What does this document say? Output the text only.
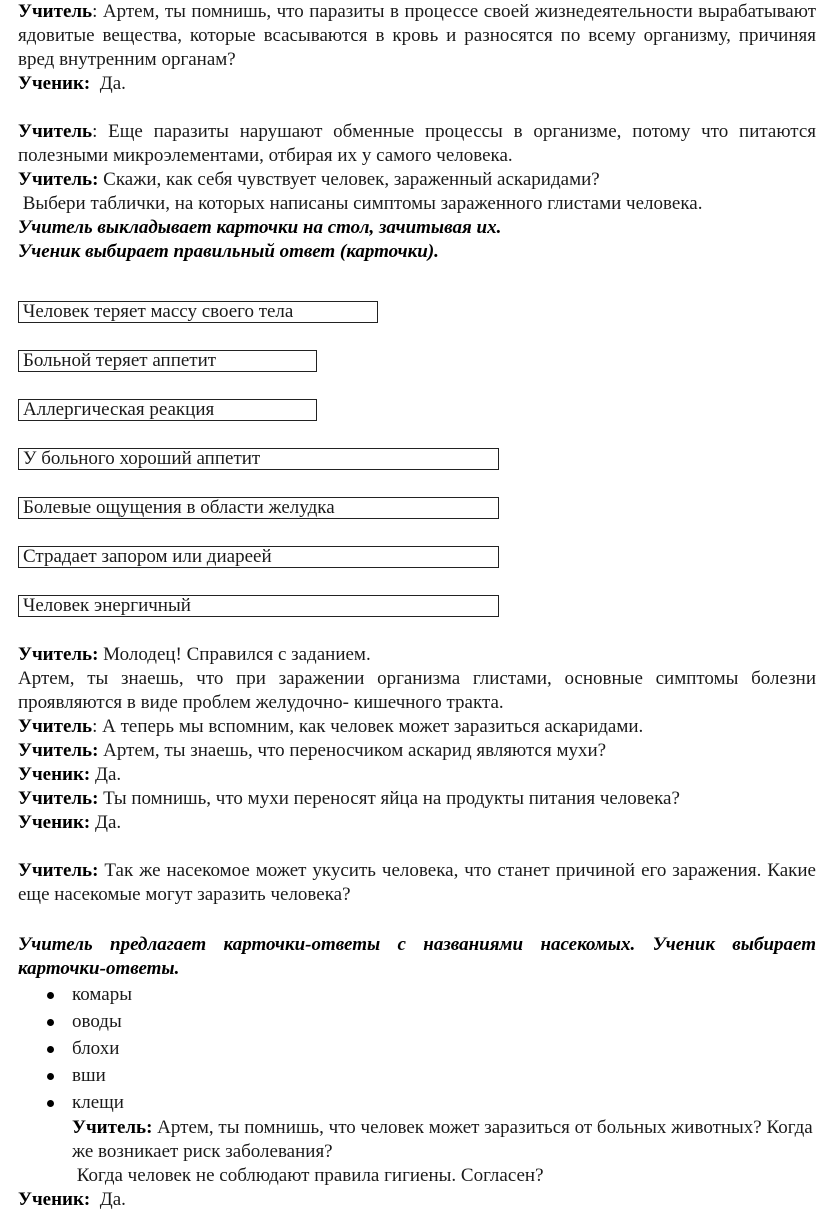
Учитель: Артем, ты помнишь, что паразиты в процессе своей жизнедеятельности вырабатывают ядовитые вещества, которые всасываются в кровь и разносятся по всему организму, причиняя вред внутренним органам?

Ученик:  Да.

Учитель: Еще паразиты нарушают обменные процессы в организме, потому что питаются полезными микроэлементами, отбирая их у самого человека.

Учитель: Скажи, как себя чувствует человек, зараженный аскаридами?

Выбери таблички, на которых написаны симптомы зараженного глистами человека.

Учитель выкладывает карточки на стол, зачитывая их.

Ученик выбирает правильный ответ (карточки).

Человек теряет массу своего тела
Больной теряет аппетит
Аллергическая реакция
У больного хороший аппетит
Болевые ощущения в области желудка
Страдает запором или диареей
Человек энергичный

Учитель: Молодец! Справился с заданием.

Артем, ты знаешь, что при заражении организма глистами, основные симптомы болезни проявляются в виде проблем желудочно- кишечного тракта.

Учитель: А теперь мы вспомним, как человек может заразиться аскаридами.

Учитель: Артем, ты знаешь, что переносчиком аскарид являются мухи?

Ученик: Да.

Учитель: Ты помнишь, что мухи переносят яйца на продукты питания человека?

Ученик: Да.

Учитель: Так же насекомое может укусить человека, что станет причиной его заражения. Какие еще насекомые могут заразить человека?

Учитель предлагает карточки-ответы с названиями насекомых. Ученик выбирает карточки-ответы.

комары
оводы
блохи
вши
клещи

Учитель: Артем, ты помнишь, что человек может заразиться от больных животных? Когда же возникает риск заболевания?

Когда человек не соблюдают правила гигиены. Согласен?

Ученик:  Да.
